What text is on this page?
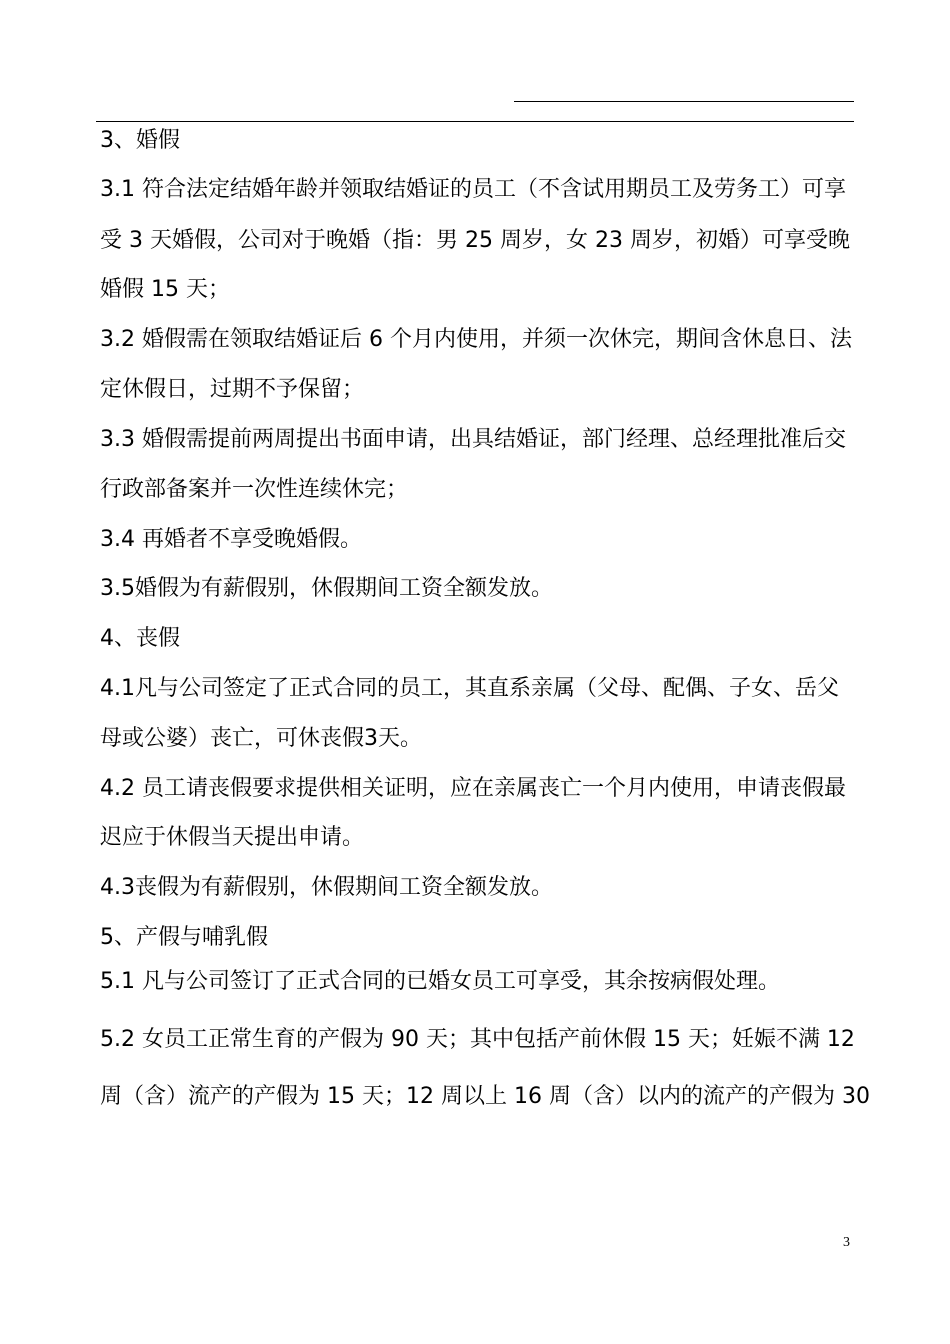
3、婚假
3.1 符合法定结婚年龄并领取结婚证的员工（不含试用期员工及劳务工）可享
受 3 天婚假，公司对于晚婚（指：男 25 周岁，女 23 周岁，初婚）可享受晚
婚假 15 天；
3.2 婚假需在领取结婚证后 6 个月内使用，并须一次休完，期间含休息日、法
定休假日，过期不予保留；
3.3 婚假需提前两周提出书面申请，出具结婚证，部门经理、总经理批准后交
行政部备案并一次性连续休完；
3.4 再婚者不享受晚婚假。
3.5婚假为有薪假别，休假期间工资全额发放。
4、丧假
4.1凡与公司签定了正式合同的员工，其直系亲属（父母、配偶、子女、岳父
母或公婆）丧亡，可休丧假3天。
4.2 员工请丧假要求提供相关证明，应在亲属丧亡一个月内使用，申请丧假最
迟应于休假当天提出申请。
4.3丧假为有薪假别，休假期间工资全额发放。
5、产假与哺乳假
5.1 凡与公司签订了正式合同的已婚女员工可享受，其余按病假处理。
5.2 女员工正常生育的产假为 90 天；其中包括产前休假 15 天；妊娠不满 12
周（含）流产的产假为 15 天；12 周以上 16 周（含）以内的流产的产假为 30
3
